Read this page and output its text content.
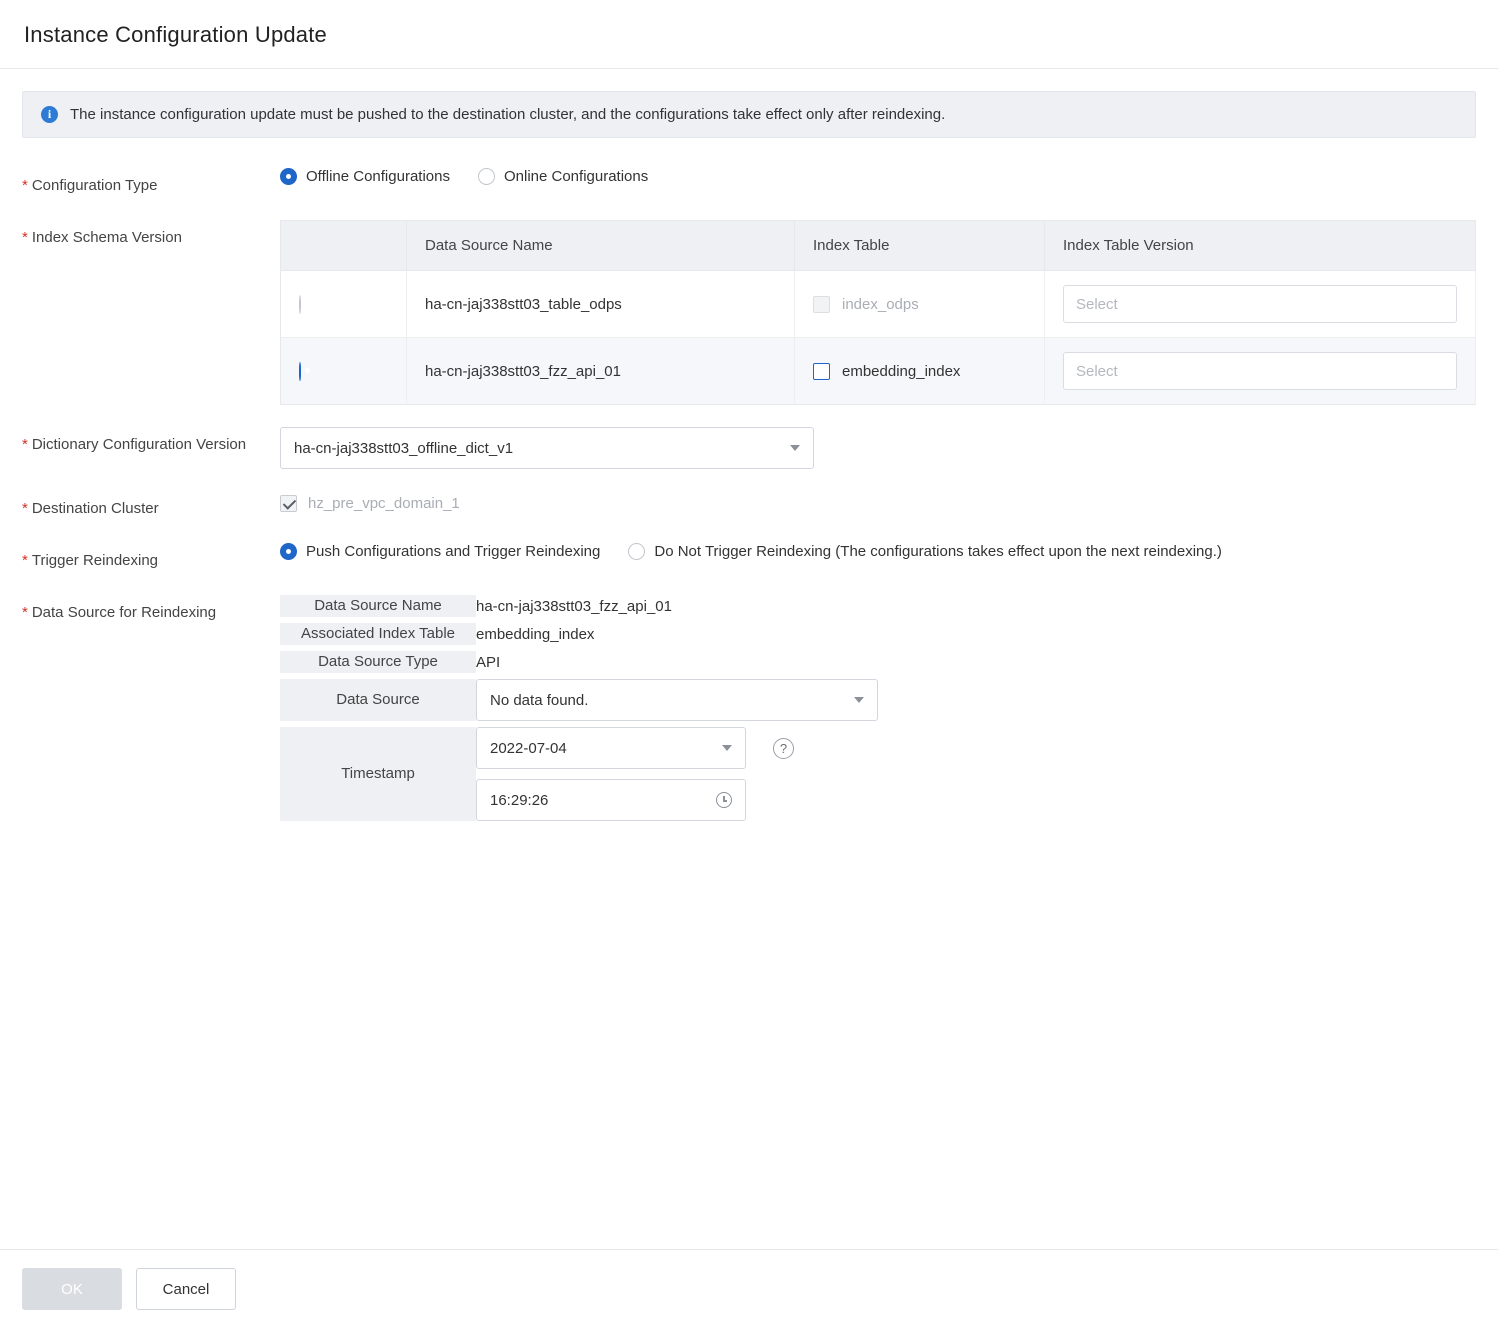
Instance Configuration Update
i	The instance configuration update must be pushed to the destination cluster, and the configurations take effect only after reindexing.
* Configuration Type
Offline Configurations	Online Configurations
* Index Schema Version
		Data Source Name	Index Table	Index Table Version
	ha-cn-jaj338stt03_table_odps	index_odps	Select

	ha-cn-jaj338stt03_fzz_api_01	embedding_index	Select
* Dictionary Configuration Version	ha-cn-jaj338stt03_offline_dict_v1
* Destination Cluster	hz_pre_vpc_domain_1
* Trigger Reindexing
Push Configurations and Trigger Reindexing	Do Not Trigger Reindexing (The configurations takes effect upon the next reindexing.)
* Data Source for Reindexing	Data Source Name	ha-cn-jaj338stt03_fzz_api_01
Associated Index Table	embedding_index
Data Source Type	API
Data Source	No data found.

Timestamp	2022-07-04 ?
16:29:26
OK	Cancel
